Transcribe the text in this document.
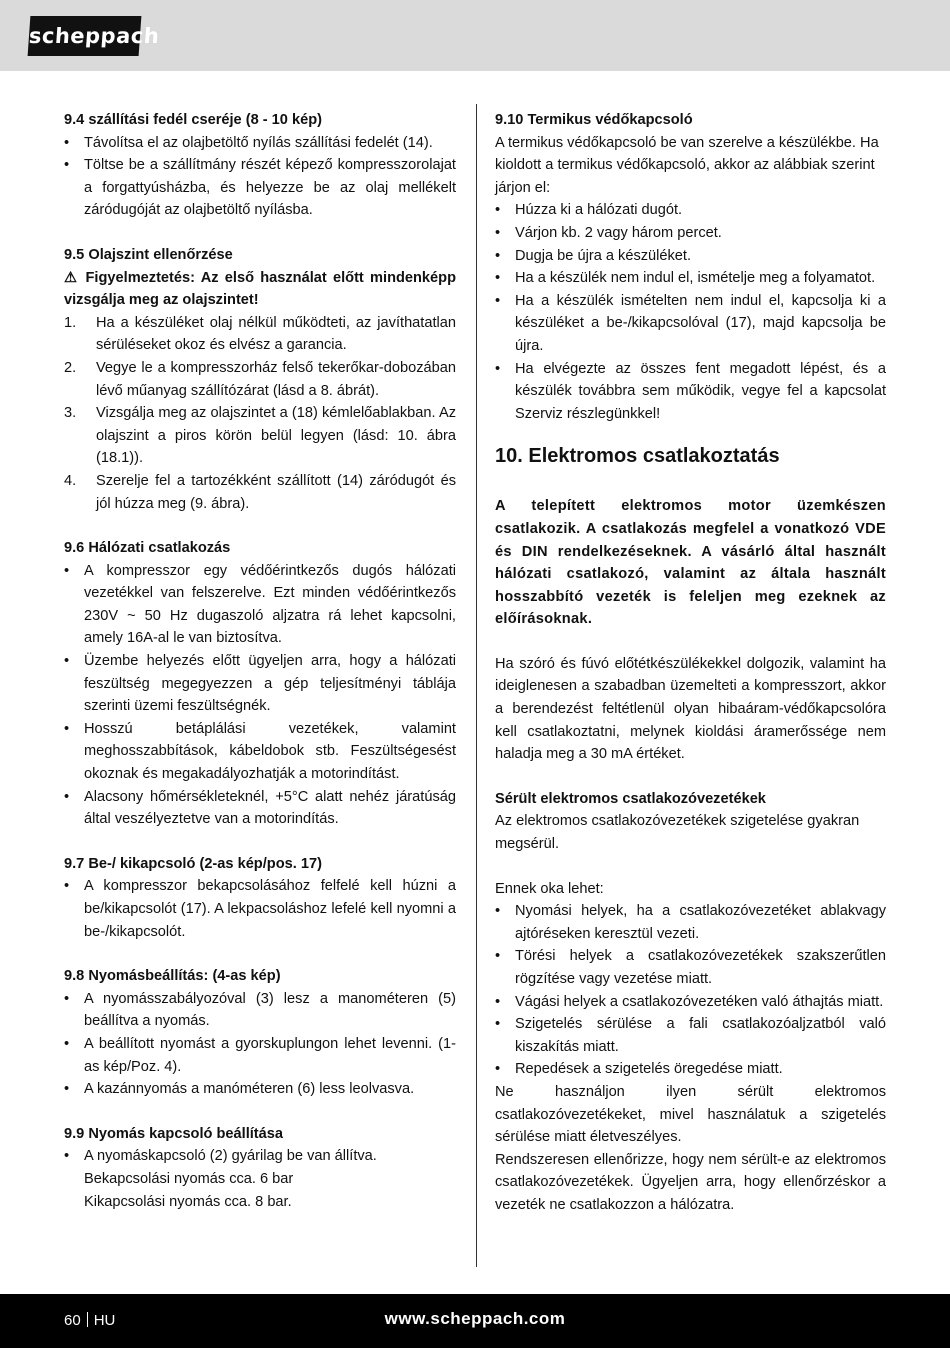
scheppach

9.4 szállítási fedél cseréje (8 - 10 kép)

• Távolítsa el az olajbetöltő nyílás szállítási fedelét (14).
• Töltse be a szállítmány részét képező kompresszorolajat a forgattyúsházba, és helyezze be az olaj mellékelt záródugóját az olajbetöltő nyílásba.

9.5 Olajszint ellenőrzése

⚠ Figyelmeztetés: Az első használat előtt mindenképp vizsgálja meg az olajszintet!

1. Ha a készüléket olaj nélkül működteti, az javíthatatlan sérüléseket okoz és elvész a garancia.
2. Vegye le a kompresszorház felső tekerőkar-dobozában lévő műanyag szállítózárat (lásd a 8. ábrát).
3. Vizsgálja meg az olajszintet a (18) kémlelőablakban. Az olajszint a piros körön belül legyen (lásd: 10. ábra (18.1)).
4. Szerelje fel a tartozékként szállított (14) záródugót és jól húzza meg (9. ábra).

9.6 Hálózati csatlakozás

• A kompresszor egy védőérintkezős dugós hálózati vezetékkel van felszerelve. Ezt minden védőérintkezős 230V ~ 50 Hz dugaszoló aljzatra rá lehet kapcsolni, amely 16A-al le van biztosítva.
• Üzembe helyezés előtt ügyeljen arra, hogy a hálózati feszültség megegyezzen a gép teljesítményi táblája szerinti üzemi feszültségnék.
• Hosszú betáplálási vezetékek, valamint meghosszabbítások, kábeldobok stb. Feszültségesést okoznak és megakadályozhatják a motorindítást.
• Alacsony hőmérsékleteknél, +5°C alatt nehéz járatúság által veszélyeztetve van a motorindítás.

9.7 Be-/ kikapcsoló (2-as kép/pos. 17)

• A kompresszor bekapcsolásához felfelé kell húzni a be/kikapcsolót (17). A lekpacsoláshoz lefelé kell nyomni a be-/kikapcsolót.

9.8 Nyomásbeállítás: (4-as kép)

• A nyomásszabályozóval (3) lesz a manométeren (5) beállítva a nyomás.
• A beállított nyomást a gyorskuplungon lehet levenni. (1-as kép/Poz. 4).
• A kazánnyomás a manóméteren (6) less leolvasva.

9.9 Nyomás kapcsoló beállítása

• A nyomáskapcsoló (2) gyárilag be van állítva.

Bekapcsolási nyomás cca. 6 bar

Kikapcsolási nyomás cca. 8 bar.

9.10 Termikus védőkapcsoló

A termikus védőkapcsoló be van szerelve a készülékbe. Ha kioldott a termikus védőkapcsoló, akkor az alábbiak szerint járjon el:

• Húzza ki a hálózati dugót.
• Várjon kb. 2 vagy három percet.
• Dugja be újra a készüléket.
• Ha a készülék nem indul el, ismételje meg a folyamatot.
• Ha a készülék ismételten nem indul el, kapcsolja ki a készüléket a be-/kikapcsolóval (17), majd kapcsolja be újra.
• Ha elvégezte az összes fent megadott lépést, és a készülék továbbra sem működik, vegye fel a kapcsolat Szerviz részlegünkkel!

10. Elektromos csatlakoztatás

A telepített elektromos motor üzemkészen csatlakozik. A csatlakozás megfelel a vonatkozó VDE és DIN rendelkezéseknek. A vásárló által használt hálózati csatlakozó, valamint az általa használt hosszabbító vezeték is feleljen meg ezeknek az előírásoknak.

Ha szóró és fúvó előtétkészülékekkel dolgozik, valamint ha ideiglenesen a szabadban üzemelteti a kompresszort, akkor a berendezést feltétlenül olyan hibaáram-védőkapcsolóra kell csatlakoztatni, melynek kioldási áramerőssége nem haladja meg a 30 mA értéket.

Sérült elektromos csatlakozóvezetékek

Az elektromos csatlakozóvezetékek szigetelése gyakran megsérül.

Ennek oka lehet:

• Nyomási helyek, ha a csatlakozóvezetéket ablakvagy ajtóréseken keresztül vezeti.
• Törési helyek a csatlakozóvezetékek szakszerűtlen rögzítése vagy vezetése miatt.
• Vágási helyek a csatlakozóvezetéken való áthajtás miatt.
• Szigetelés sérülése a fali csatlakozóaljzatból való kiszakítás miatt.
• Repedések a szigetelés öregedése miatt.

Ne használjon ilyen sérült elektromos csatlakozóvezetékeket, mivel használatuk a szigetelés sérülése miatt életveszélyes.

Rendszeresen ellenőrizze, hogy nem sérült-e az elektromos csatlakozóvezetékek. Ügyeljen arra, hogy ellenőrzéskor a vezeték ne csatlakozzon a hálózatra.

60 HU	www.scheppach.com
